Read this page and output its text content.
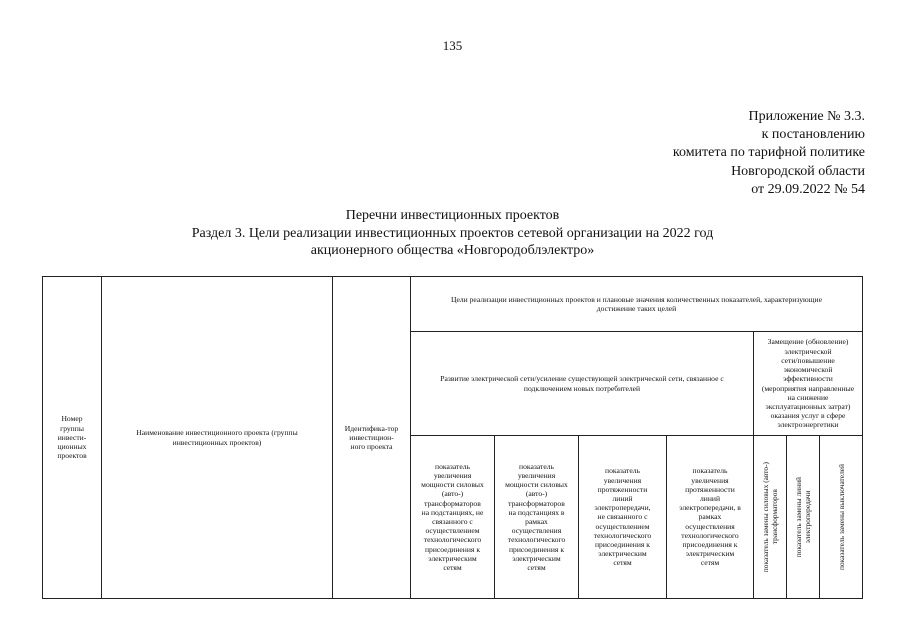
135
Приложение № 3.3.
к постановлению
комитета по тарифной политике
Новгородской области
от 29.09.2022 № 54
Перечни инвестиционных проектов
Раздел 3. Цели реализации инвестиционных проектов сетевой организации на 2022 год
акционерного общества «Новгородоблэлектро»
Номер
группы
инвести-
ционных
проектов
Наименование инвестиционного проекта (группы
инвестиционных проектов)
Идентифика-тор
инвестицион-
ного проекта
Цели реализации инвестиционных проектов и плановые значения количественных показателей, характеризующие
достижение таких целей
Развитие электрической сети/усиление существующей электрической сети, связанное с
подключением новых потребителей
Замещение (обновление)
электрической
сети/повышение
экономической
эффективности
(мероприятия направленные
на снижение
эксплуатационных затрат)
оказания услуг в сфере
электроэнергетики
показатель
увеличения
мощности силовых
(авто-)
трансформаторов
на подстанциях, не
связанного с
осуществлением
технологического
присоединения к
электрическим
сетям
показатель
увеличения
мощности силовых
(авто-)
трансформаторов
на подстанциях в
рамках
осуществления
технологического
присоединения к
электрическим
сетям
показатель
увеличения
протяженности
линий
электропередачи,
не связанного с
осуществлением
технологического
присоединения к
электрическим
сетям
показатель
увеличения
протяженности
линий
электропередачи, в
рамках
осуществления
технологического
присоединения к
электрическим
сетям	показатель замены силовых (авто-)
трансформаторов показатель замены линий
электропередачи	показатель замены выключателей
